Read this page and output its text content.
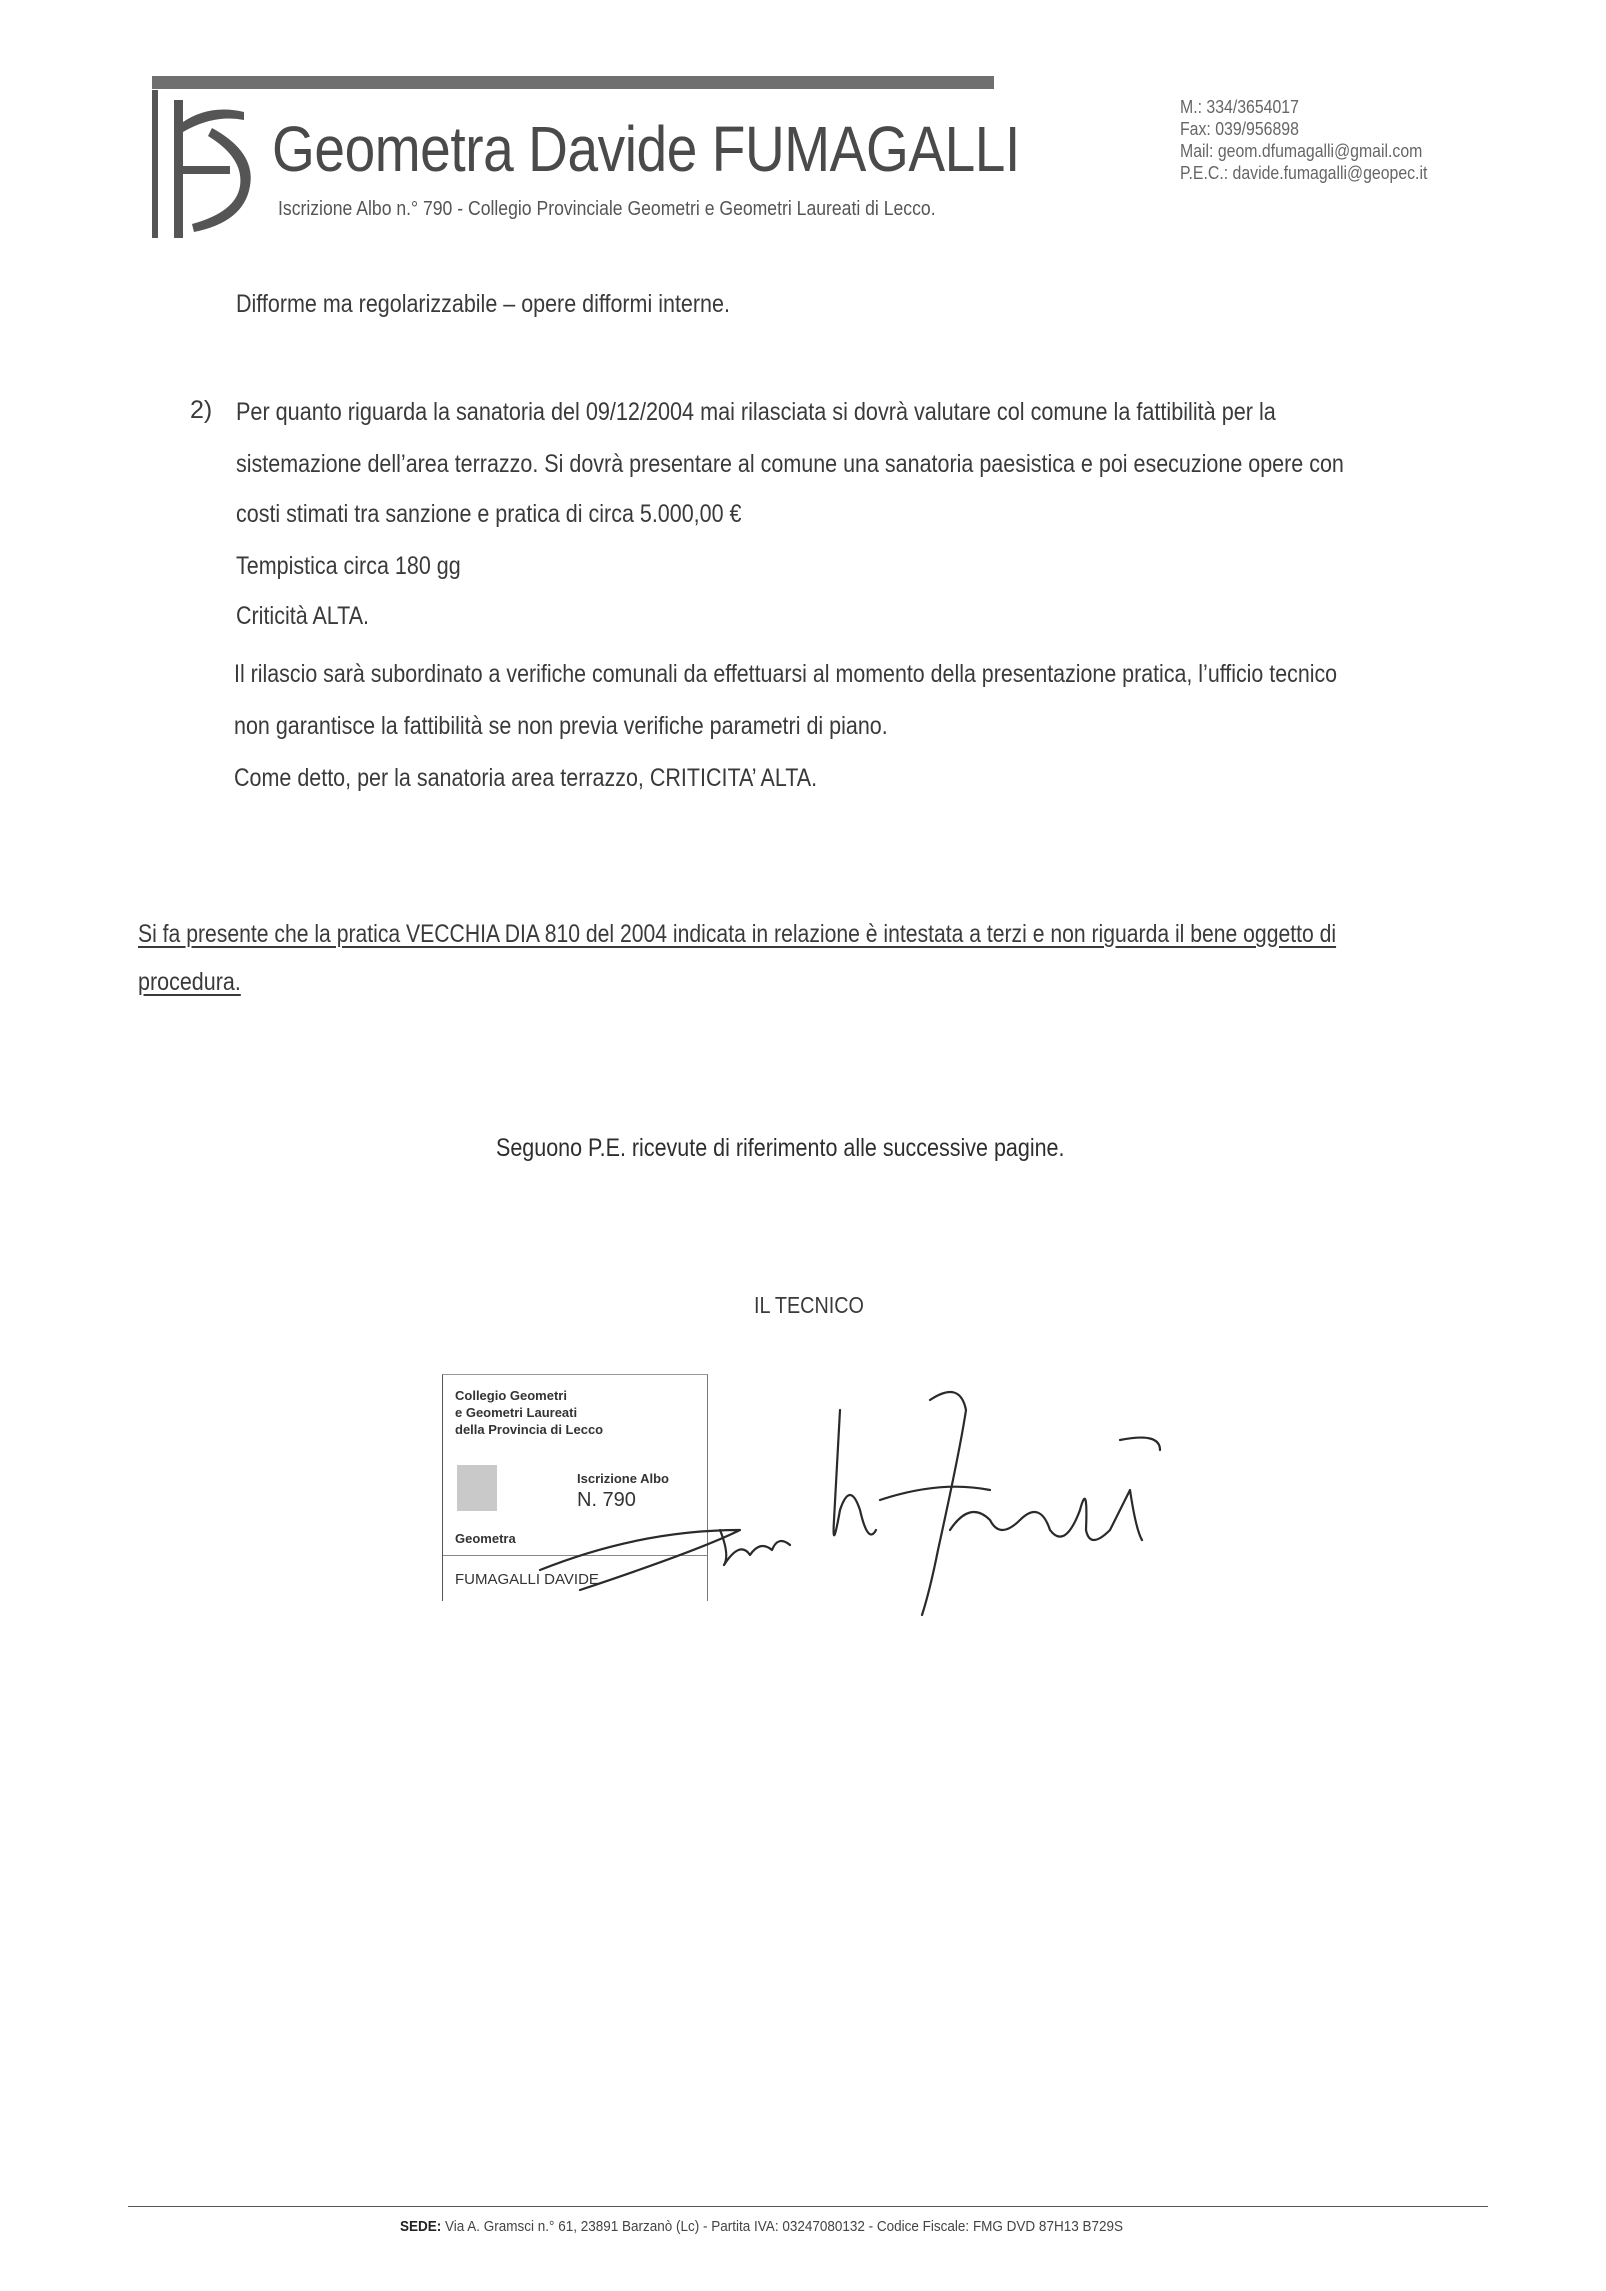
Geometra Davide FUMAGALLI
Iscrizione Albo n.° 790 - Collegio Provinciale Geometri e Geometri Laureati di Lecco.
M.: 334/3654017
Fax: 039/956898
Mail: geom.dfumagalli@gmail.com
P.E.C.: davide.fumagalli@geopec.it
Difforme ma regolarizzabile – opere difformi interne.
2) Per quanto riguarda la sanatoria del 09/12/2004 mai rilasciata si dovrà valutare col comune la fattibilità per la
sistemazione dell’area terrazzo. Si dovrà presentare al comune una sanatoria paesistica e poi esecuzione opere con
costi stimati tra sanzione e pratica di circa 5.000,00 €
Tempistica circa 180 gg
Criticità ALTA.
Il rilascio sarà subordinato a verifiche comunali da effettuarsi al momento della presentazione pratica, l’ufficio tecnico
non garantisce la fattibilità se non previa verifiche parametri di piano.
Come detto, per la sanatoria area terrazzo, CRITICITA’ ALTA.
Si fa presente che la pratica VECCHIA DIA 810 del 2004 indicata in relazione è intestata a terzi e non riguarda il bene oggetto di
procedura.
Seguono P.E. ricevute di riferimento alle successive pagine.
IL TECNICO
Collegio Geometri
e Geometri Laureati
della Provincia di Lecco
Iscrizione Albo
N. 790
Geometra
FUMAGALLI DAVIDE
SEDE: Via A. Gramsci n.° 61, 23891 Barzanò (Lc) - Partita IVA: 03247080132 - Codice Fiscale: FMG DVD 87H13 B729S
